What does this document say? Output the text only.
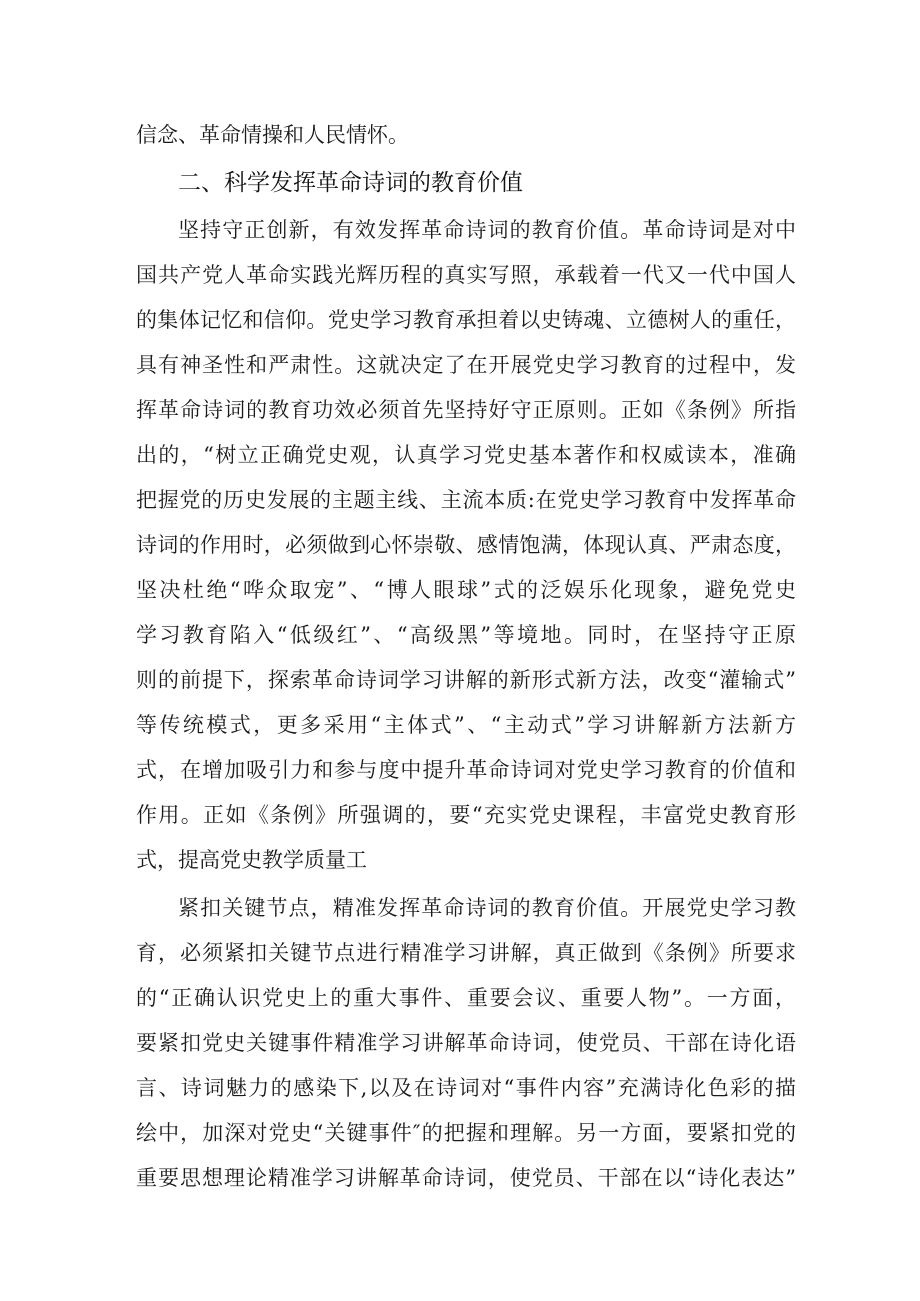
信念、革命情操和人民情怀。
二、科学发挥革命诗词的教育价值
坚持守正创新，有效发挥革命诗词的教育价值。革命诗词是对中
国共产党人革命实践光辉历程的真实写照，承载着一代又一代中国人
的集体记忆和信仰。党史学习教育承担着以史铸魂、立德树人的重任，
具有神圣性和严肃性。这就决定了在开展党史学习教育的过程中，发
挥革命诗词的教育功效必须首先坚持好守正原则。正如《条例》所指
出的，“树立正确党史观，认真学习党史基本著作和权威读本，准确
把握党的历史发展的主题主线、主流本质:在党史学习教育中发挥革命
诗词的作用时，必须做到心怀崇敬、感情饱满，体现认真、严肃态度，
坚决杜绝“哗众取宠”、“博人眼球”式的泛娱乐化现象，避免党史
学习教育陷入“低级红”、“高级黑”等境地。同时，在坚持守正原
则的前提下，探索革命诗词学习讲解的新形式新方法，改变“灌输式”
等传统模式，更多采用“主体式”、“主动式”学习讲解新方法新方
式，在增加吸引力和参与度中提升革命诗词对党史学习教育的价值和
作用。正如《条例》所强调的，要“充实党史课程，丰富党史教育形
式，提高党史教学质量工
紧扣关键节点，精准发挥革命诗词的教育价值。开展党史学习教
育，必须紧扣关键节点进行精准学习讲解，真正做到《条例》所要求
的“正确认识党史上的重大事件、重要会议、重要人物”。一方面，
要紧扣党史关键事件精准学习讲解革命诗词，使党员、干部在诗化语
言、诗词魅力的感染下,以及在诗词对“事件内容”充满诗化色彩的描
绘中，加深对党史“关键事件″的把握和理解。另一方面，要紧扣党的
重要思想理论精准学习讲解革命诗词，使党员、干部在以“诗化表达”
